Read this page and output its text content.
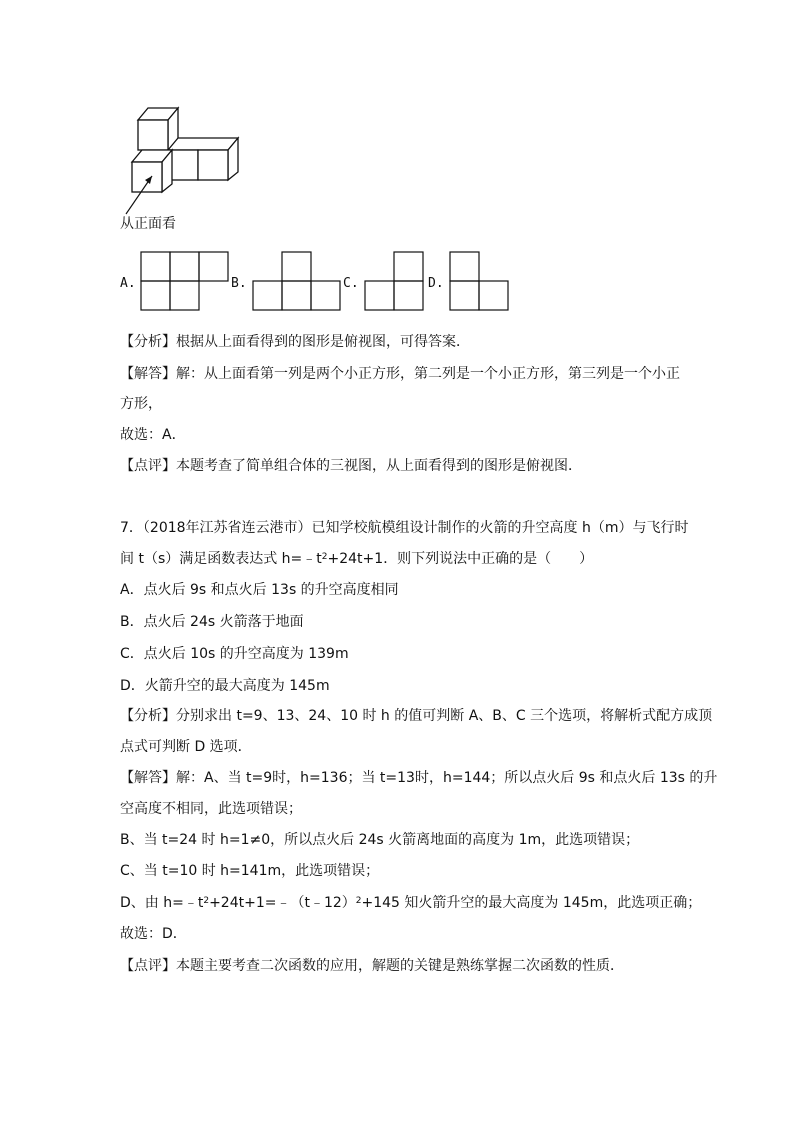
从正面看
A.	B.	C.	D.
【分析】根据从上面看得到的图形是俯视图，可得答案．
【解答】解：从上面看第一列是两个小正方形，第二列是一个小正方形，第三列是一个小正
方形，
故选：A．
【点评】本题考查了简单组合体的三视图，从上面看得到的图形是俯视图．
7．（2018年江苏省连云港市）已知学校航模组设计制作的火箭的升空高度 h（m）与飞行时
间 t（s）满足函数表达式 $h=﹣t^2+24t+1$．则下列说法中正确的是（　　）
A．点火后 9s 和点火后 13s 的升空高度相同
B．点火后 24s 火箭落于地面
C．点火后 10s 的升空高度为 139m
D．火箭升空的最大高度为 145m
【分析】分别求出 t=9、13、24、10 时 h 的值可判断 A、B、C 三个选项，将解析式配方成顶
点式可判断 D 选项．
【解答】解：A、当 t=9时，h=136；当 t=13时，h=144；所以点火后 9s 和点火后 13s 的升
空高度不相同，此选项错误；
B、当 t=24 时 h=1≠0，所以点火后 24s 火箭离地面的高度为 1m，此选项错误；
C、当 t=10 时 h=141m，此选项错误；
D、由 $h=﹣t^2+24t+1=﹣(t﹣12)^2+145$ 知火箭升空的最大高度为 145m，此选项正确；
故选：D．
【点评】本题主要考查二次函数的应用，解题的关键是熟练掌握二次函数的性质．
